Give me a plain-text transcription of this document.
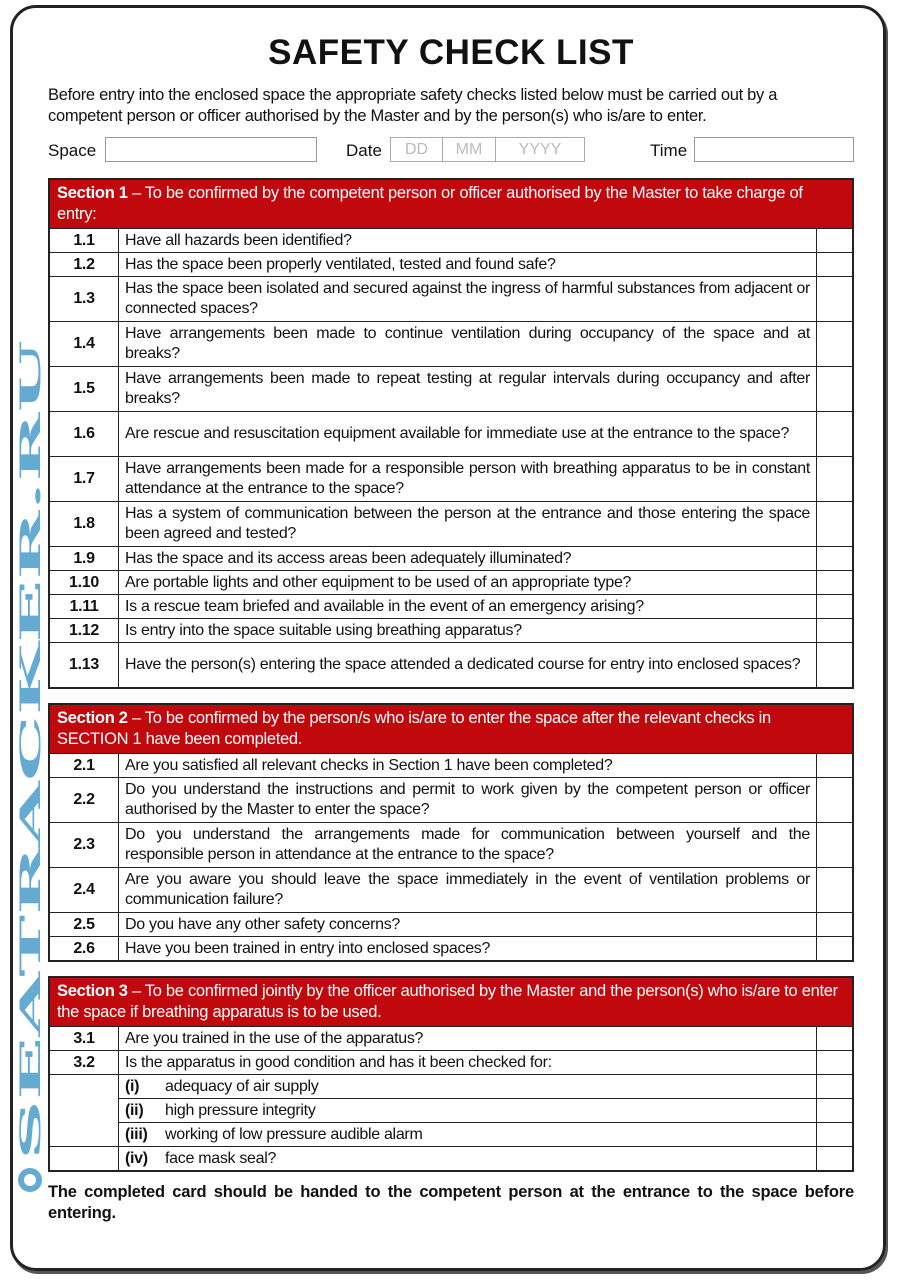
SAFETY CHECK LIST
Before entry into the enclosed space the appropriate safety checks listed below must be carried out by a competent person or officer authorised by the Master and by the person(s) who is/are to enter.
Space	Date	DD	MM	YYYY	Time
Section 1 – To be confirmed by the competent person or officer authorised by the Master to take charge of entry:		
1.1	Have all hazards been identified?	
1.2	Has the space been properly ventilated, tested and found safe?	
1.3	Has the space been isolated and secured against the ingress of harmful substances from adjacent or connected spaces?	
1.4	Have arrangements been made to continue ventilation during occupancy of the space and at breaks?	
1.5	Have arrangements been made to repeat testing at regular intervals during occupancy and after breaks?	
1.6	Are rescue and resuscitation equipment available for immediate use at the entrance to the space?	
1.7	Have arrangements been made for a responsible person with breathing apparatus to be in constant attendance at the entrance to the space?	
1.8	Has a system of communication between the person at the entrance and those entering the space been agreed and tested?	
1.9	Has the space and its access areas been adequately illuminated?	
1.10	Are portable lights and other equipment to be used of an appropriate type?	
1.11	Is a rescue team briefed and available in the event of an emergency arising?	
1.12	Is entry into the space suitable using breathing apparatus?	
1.13	Have the person(s) entering the space attended a dedicated course for entry into enclosed spaces?	
Section 2 – To be confirmed by the person/s who is/are to enter the space after the relevant checks in SECTION 1 have been completed.		
2.1	Are you satisfied all relevant checks in Section 1 have been completed?	
2.2	Do you understand the instructions and permit to work given by the competent person or officer authorised by the Master to enter the space?	
2.3	Do you understand the arrangements made for communication between yourself and the responsible person in attendance at the entrance to the space?	
2.4	Are you aware you should leave the space immediately in the event of ventilation problems or communication failure?	
2.5	Do you have any other safety concerns?	
2.6	Have you been trained in entry into enclosed spaces?	
Section 3 – To be confirmed jointly by the officer authorised by the Master and the person(s) who is/are to enter the space if breathing apparatus is to be used.		
3.1	Are you trained in the use of the apparatus?	
3.2	Is the apparatus in good condition and has it been checked for:	
	(i) adequacy of air supply	
	(ii) high pressure integrity	
	(iii) working of low pressure audible alarm	
	(iv) face mask seal?	
The completed card should be handed to the competent person at the entrance to the space before entering.
SEATRACKER.RU
